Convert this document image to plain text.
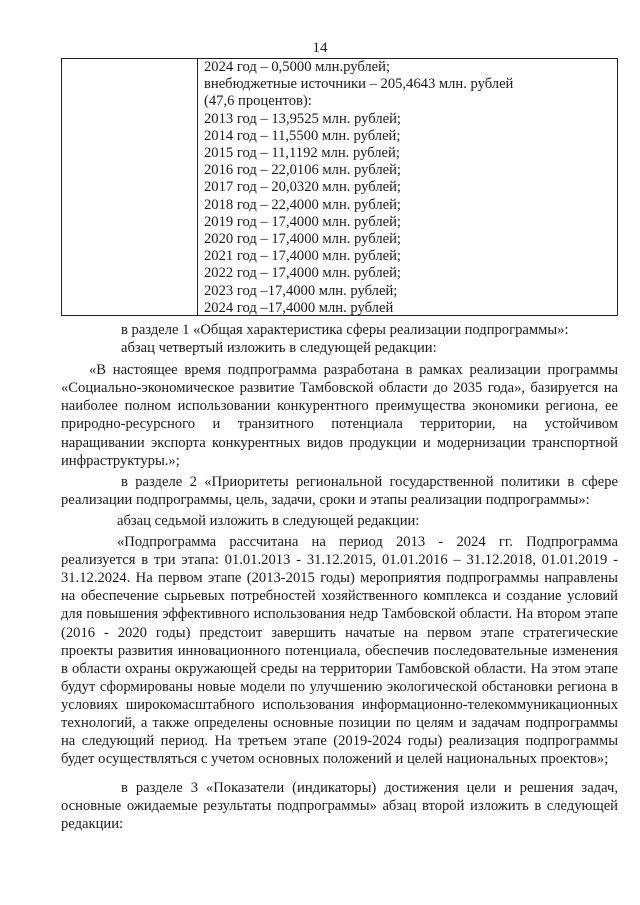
14
2024 год – 0,5000 млн.рублей;
внебюджетные источники – 205,4643 млн. рублей
(47,6 процентов):
2013 год – 13,9525 млн. рублей;
2014 год – 11,5500 млн. рублей;
2015 год – 11,1192 млн. рублей;
2016 год – 22,0106 млн. рублей;
2017 год – 20,0320 млн. рублей;
2018 год – 22,4000 млн. рублей;
2019 год – 17,4000 млн. рублей;
2020 год – 17,4000 млн. рублей;
2021 год – 17,4000 млн. рублей;
2022 год – 17,4000 млн. рублей;
2023 год –17,4000 млн. рублей;
2024 год –17,4000 млн. рублей

в разделе 1 «Общая характеристика сферы реализации подпрограммы»:

абзац четвертый изложить в следующей редакции:

«В настоящее время подпрограмма разработана в рамках реализации программы «Социально-экономическое развитие Тамбовской области до 2035 года», базируется на наиболее полном использовании конкурентного преимущества экономики региона, ее природно-ресурсного и транзитного потенциала территории, на устойчивом наращивании экспорта конкурентных видов продукции и модернизации транспортной инфраструктуры.»;

в разделе 2 «Приоритеты региональной государственной политики в сфере реализации подпрограммы, цель, задачи, сроки и этапы реализации подпрограммы»:

абзац седьмой изложить в следующей редакции:

«Подпрограмма рассчитана на период 2013 - 2024 гг. Подпрограмма реализуется в три этапа: 01.01.2013 - 31.12.2015, 01.01.2016 – 31.12.2018, 01.01.2019 - 31.12.2024. На первом этапе (2013-2015 годы) мероприятия подпрограммы направлены на обеспечение сырьевых потребностей хозяйственного комплекса и создание условий для повышения эффективного использования недр Тамбовской области. На втором этапе (2016 - 2020 годы) предстоит завершить начатые на первом этапе стратегические проекты развития инновационного потенциала, обеспечив последовательные изменения в области охраны окружающей среды на территории Тамбовской области. На этом этапе будут сформированы новые модели по улучшению экологической обстановки региона в условиях широкомасштабного использования информационно-телекоммуникационных технологий, а также определены основные позиции по целям и задачам подпрограммы на следующий период. На третьем этапе (2019-2024 годы) реализация подпрограммы будет осуществляться с учетом основных положений и целей национальных проектов»;

в разделе 3 «Показатели (индикаторы) достижения цели и решения задач, основные ожидаемые результаты подпрограммы» абзац второй изложить в следующей редакции:
